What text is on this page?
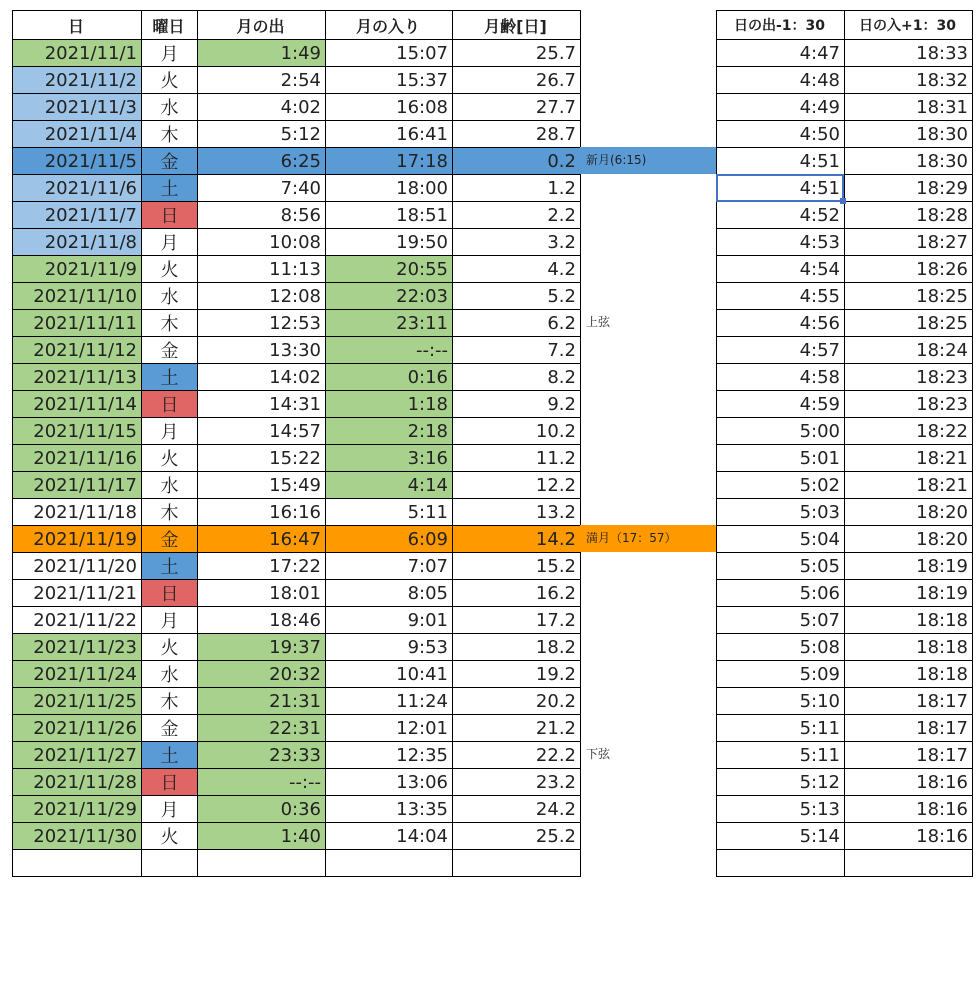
日	曜日	月の出	月の入り	月齢[日]
2021/11/1	月	1:49	15:07	25.7
2021/11/2	火	2:54	15:37	26.7
2021/11/3	水	4:02	16:08	27.7
2021/11/4	木	5:12	16:41	28.7
2021/11/5	金	6:25	17:18	0.2
2021/11/6	土	7:40	18:00	1.2
2021/11/7	日	8:56	18:51	2.2
2021/11/8	月	10:08	19:50	3.2
2021/11/9	火	11:13	20:55	4.2
2021/11/10	水	12:08	22:03	5.2
2021/11/11	木	12:53	23:11	6.2
2021/11/12	金	13:30	--:--	7.2
2021/11/13	土	14:02	0:16	8.2
2021/11/14	日	14:31	1:18	9.2
2021/11/15	月	14:57	2:18	10.2
2021/11/16	火	15:22	3:16	11.2
2021/11/17	水	15:49	4:14	12.2
2021/11/18	木	16:16	5:11	13.2
2021/11/19	金	16:47	6:09	14.2
2021/11/20	土	17:22	7:07	15.2
2021/11/21	日	18:01	8:05	16.2
2021/11/22	月	18:46	9:01	17.2
2021/11/23	火	19:37	9:53	18.2
2021/11/24	水	20:32	10:41	19.2
2021/11/25	木	21:31	11:24	20.2
2021/11/26	金	22:31	12:01	21.2
2021/11/27	土	23:33	12:35	22.2
2021/11/28	日	--:--	13:06	23.2
2021/11/29	月	0:36	13:35	24.2
2021/11/30	火	1:40	14:04	25.2

新月(6:15)
上弦
満月（17：57）
下弦
日の出-1：30	日の入+1：30
4:47	18:33
4:48	18:32
4:49	18:31
4:50	18:30
4:51	18:30
4:51	18:29
4:52	18:28
4:53	18:27
4:54	18:26
4:55	18:25
4:56	18:25
4:57	18:24
4:58	18:23
4:59	18:23
5:00	18:22
5:01	18:21
5:02	18:21
5:03	18:20
5:04	18:20
5:05	18:19
5:06	18:19
5:07	18:18
5:08	18:18
5:09	18:18
5:10	18:17
5:11	18:17
5:11	18:17
5:12	18:16
5:13	18:16
5:14	18:16
